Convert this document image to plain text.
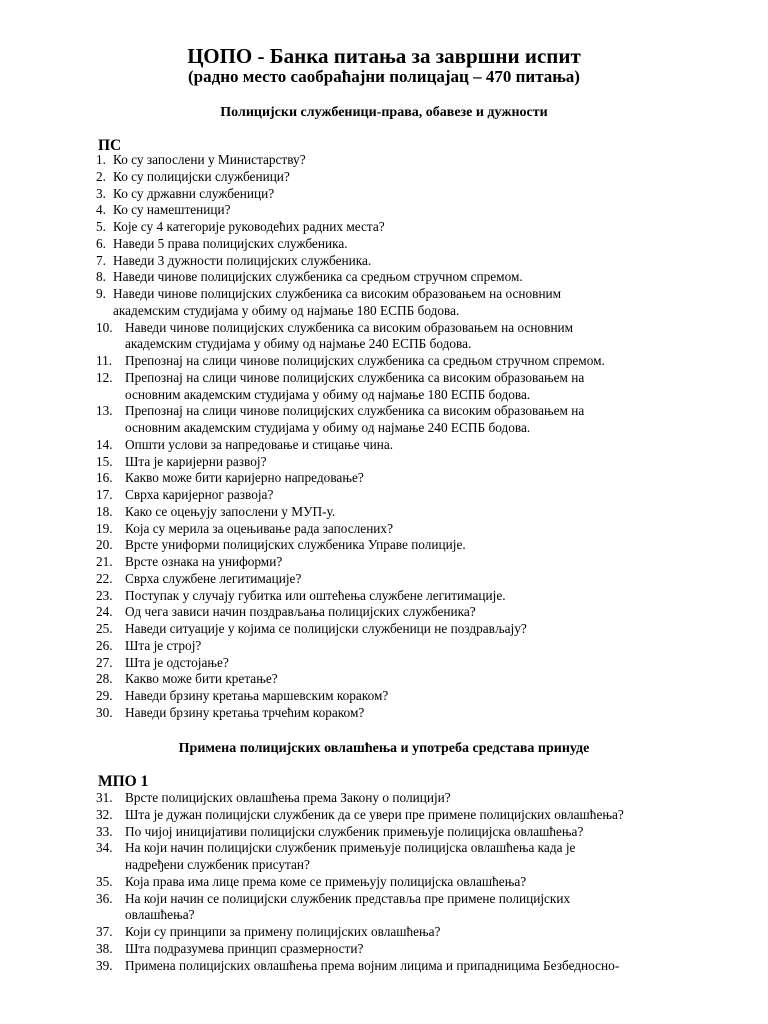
ЦОПО - Банка питања за завршни испит
(радно место саобраћајни полицајац – 470 питања)
Полицијски службеници-права, обавезе и дужности
ПС
1. Ко су запослени у Министарству?
2. Ко су полицијски службеници?
3. Ко су државни службеници?
4. Ко су намештеници?
5. Које су 4 категорије руководећих радних места?
6. Наведи 5 права полицијских службеника.
7. Наведи 3 дужности полицијских службеника.
8. Наведи чинове полицијских службеника са средњом стручном спремом.
9. Наведи чинове полицијских службеника са високим образовањем на основним
академским студијама у обиму од најмање 180 ЕСПБ бодова.
10. Наведи чинове полицијских службеника са високим образовањем на основним
академским студијама у обиму од најмање 240 ЕСПБ бодова.
11. Препознај на слици чинове полицијских службеника са средњом стручном спремом.
12. Препознај на слици чинове полицијских службеника са високим образовањем на
основним академским студијама у обиму од најмање 180 ЕСПБ бодова.
13. Препознај на слици чинове полицијских службеника са високим образовањем на
основним академским студијама у обиму од најмање 240 ЕСПБ бодова.
14. Општи услови за напредовање и стицање чина.
15. Шта је каријерни развој?
16. Какво може бити каријерно напредовање?
17. Сврха каријерног развоја?
18. Како се оцењују запослени у МУП-у.
19. Која су мерила за оцењивање рада запослених?
20. Врсте униформи полицијских службеника Управе полиције.
21. Врсте ознака на униформи?
22. Сврха службене легитимације?
23. Поступак у случају губитка или оштећења службене легитимације.
24. Од чега зависи начин поздрављања полицијских службеника?
25. Наведи ситуације у којима се полицијски службеници не поздрављају?
26. Шта је строј?
27. Шта је одстојање?
28. Какво може бити кретање?
29. Наведи брзину кретања маршевским кораком?
30. Наведи брзину кретања трчећим кораком?
Примена полицијских овлашћења и употреба средстава принуде
МПО 1
31. Врсте полицијских овлашћења према Закону о полицији?
32. Шта је дужан полицијски службеник да се увери пре примене полицијских овлашћења?
33. По чијој иницијативи полицијски службеник примењује полицијска овлашћења?
34. На који начин полицијски службеник примењује полицијска овлашћења када је
надређени службеник присутан?
35. Која права има лице према коме се примењују полицијска овлашћења?
36. На који начин се полицијски службеник представља пре примене полицијских
овлашћења?
37. Који су принципи за примену полицијских овлашћења?
38. Шта подразумева принцип сразмерности?
39. Примена полицијских овлашћења према војним лицима и припадницима Безбедносно-
